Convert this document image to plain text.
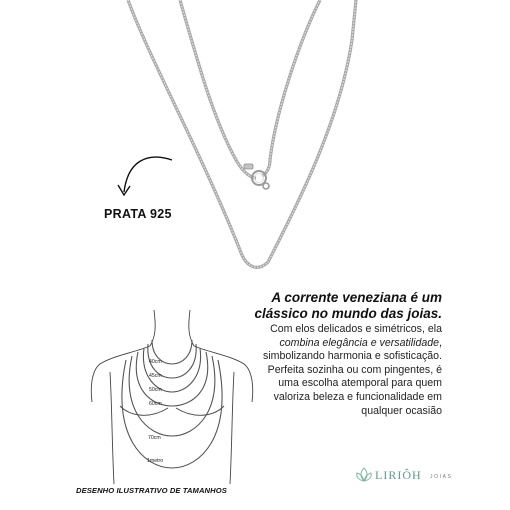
PRATA 925
A corrente veneziana é um clássico no mundo das joias.
Com elos delicados e simétricos, ela combina elegância e versatilidade, simbolizando harmonia e sofisticação. Perfeita sozinha ou com pingentes, é uma escolha atemporal para quem valoriza beleza e funcionalidade em qualquer ocasião
40cm
45cm
50cm
60cm
70cm
1metro
DESENHO ILUSTRATIVO DE TAMANHOS
LIRIÔH JOIAS
